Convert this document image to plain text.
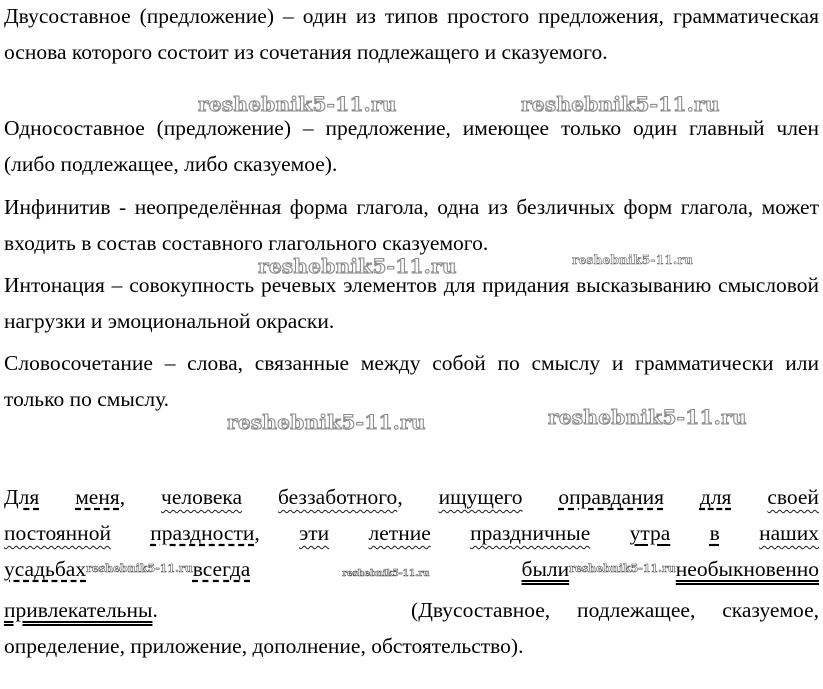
Двусоставное (предложение) – один из типов простого предложения, грамматическая основа которого состоит из сочетания подлежащего и сказуемого.

Односоставное (предложение) – предложение, имеющее только один главный член (либо подлежащее, либо сказуемое).

Инфинитив - неопределённая форма глагола, одна из безличных форм глагола, может входить в состав составного глагольного сказуемого.

Интонация – совокупность речевых элементов для придания высказыванию смысловой нагрузки и эмоциональной окраски.

Словосочетание – слова, связанные между собой по смыслу и грамматически или только по смыслу.

Для меня, человека беззаботного, ищущего оправдания для своей
постоянной праздности, эти летние праздничные утра в наших
усадьбахreshebnik5-11.ruвсегда	reshebnik5-11.ru	былиreshebnik5-11.ruнеобыкновенно
привлекательны.	(Двусоставное,     подлежащее,     сказуемое,
определение, приложение, дополнение, обстоятельство).
reshebnik5-11.ru	reshebnik5-11.ru
reshebnik5-11.ru	reshebnik5-11.ru
reshebnik5-11.ru	reshebnik5-11.ru
